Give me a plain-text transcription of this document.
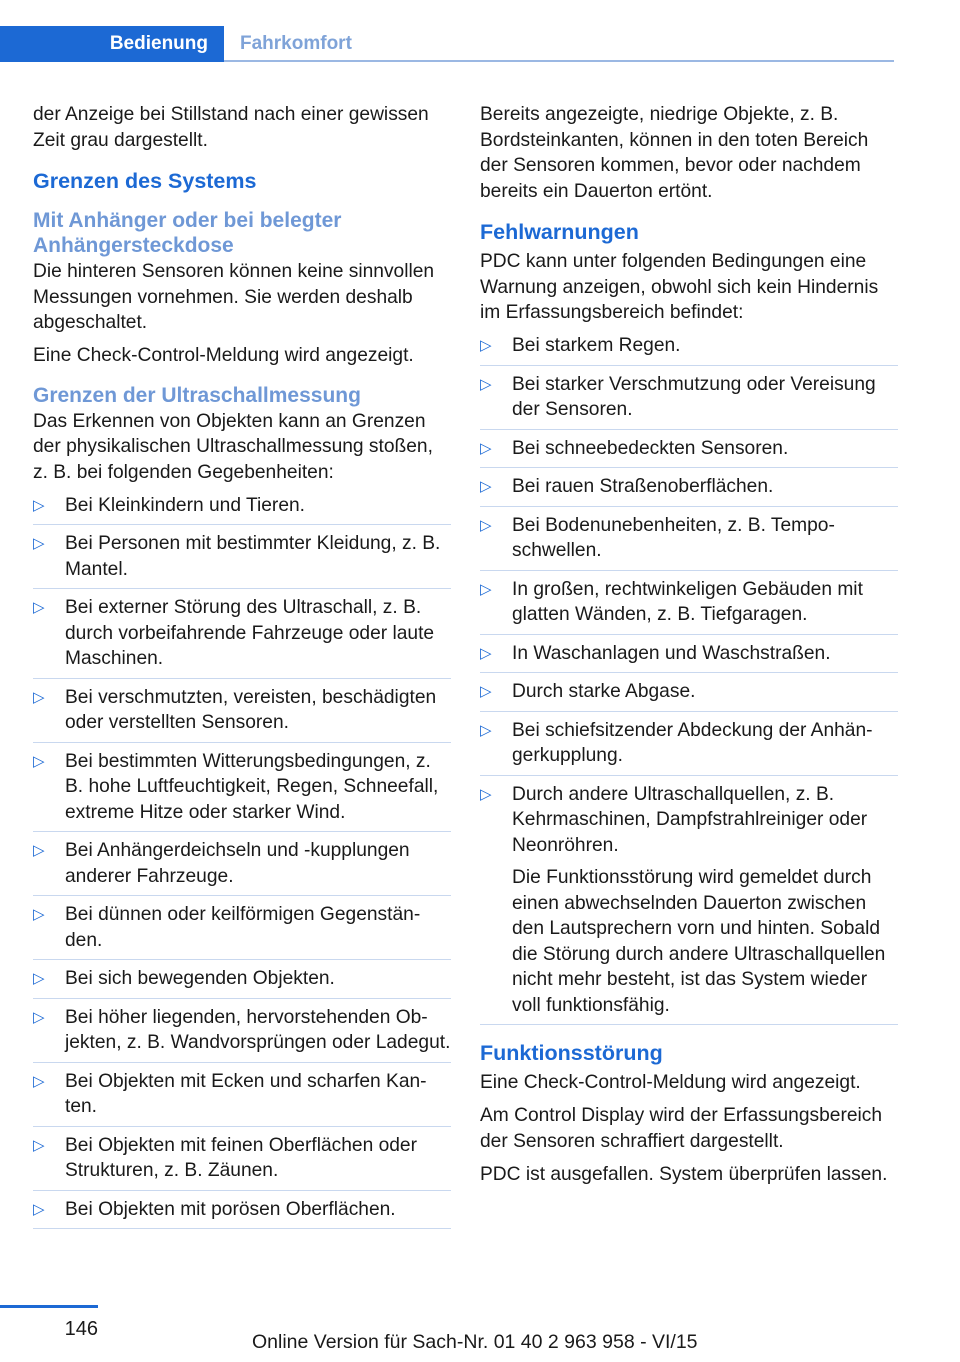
Bedienung	Fahrkomfort

der Anzeige bei Stillstand nach einer gewissen Zeit grau dargestellt.

Grenzen des Systems
Mit Anhänger oder bei belegter Anhängersteckdose

Die hinteren Sensoren können keine sinnvollen Messungen vornehmen. Sie werden deshalb abgeschaltet.

Eine Check-Control-Meldung wird angezeigt.

Grenzen der Ultraschallmessung

Das Erkennen von Objekten kann an Grenzen der physikalischen Ultraschallmessung stoßen, z. B. bei folgenden Gegebenheiten:

▷	Bei Kleinkindern und Tieren.
▷	Bei Personen mit bestimmter Kleidung, z. B. Mantel.
▷	Bei externer Störung des Ultraschall, z. B. durch vorbeifahrende Fahrzeuge oder laute Maschinen.
▷	Bei verschmutzten, vereisten, beschädigten oder verstellten Sensoren.
▷	Bei bestimmten Witterungsbedingungen, z. B. hohe Luftfeuchtigkeit, Regen, Schneefall, extreme Hitze oder starker Wind.
▷	Bei Anhängerdeichseln und -kupplungen anderer Fahrzeuge.
▷	Bei dünnen oder keilförmigen Gegenständen.
▷	Bei sich bewegenden Objekten.
▷	Bei höher liegenden, hervorstehenden Objekten, z. B. Wandvorsprüngen oder Ladegut.
▷	Bei Objekten mit Ecken und scharfen Kanten.
▷	Bei Objekten mit feinen Oberflächen oder Strukturen, z. B. Zäunen.
▷	Bei Objekten mit porösen Oberflächen.

Bereits angezeigte, niedrige Objekte, z. B. Bordsteinkanten, können in den toten Bereich der Sensoren kommen, bevor oder nachdem bereits ein Dauerton ertönt.

Fehlwarnungen

PDC kann unter folgenden Bedingungen eine Warnung anzeigen, obwohl sich kein Hindernis im Erfassungsbereich befindet:

▷	Bei starkem Regen.
▷	Bei starker Verschmutzung oder Vereisung der Sensoren.
▷	Bei schneebedeckten Sensoren.
▷	Bei rauen Straßenoberflächen.
▷	Bei Bodenunebenheiten, z. B. Temposchwellen.
▷	In großen, rechtwinkeligen Gebäuden mit glatten Wänden, z. B. Tiefgaragen.
▷	In Waschanlagen und Waschstraßen.
▷	Durch starke Abgase.
▷	Bei schiefsitzender Abdeckung der Anhängerkupplung.
▷	Durch andere Ultraschallquellen, z. B. Kehrmaschinen, Dampfstrahlreiniger oder Neonröhren.
Die Funktionsstörung wird gemeldet durch einen abwechselnden Dauerton zwischen den Lautsprechern vorn und hinten. Sobald die Störung durch andere Ultraschallquellen nicht mehr besteht, ist das System wieder voll funktionsfähig.
Funktionsstörung

Eine Check-Control-Meldung wird angezeigt.

Am Control Display wird der Erfassungsbereich der Sensoren schraffiert dargestellt.

PDC ist ausgefallen. System überprüfen lassen.

146
Online Version für Sach-Nr. 01 40 2 963 958 - VI/15
